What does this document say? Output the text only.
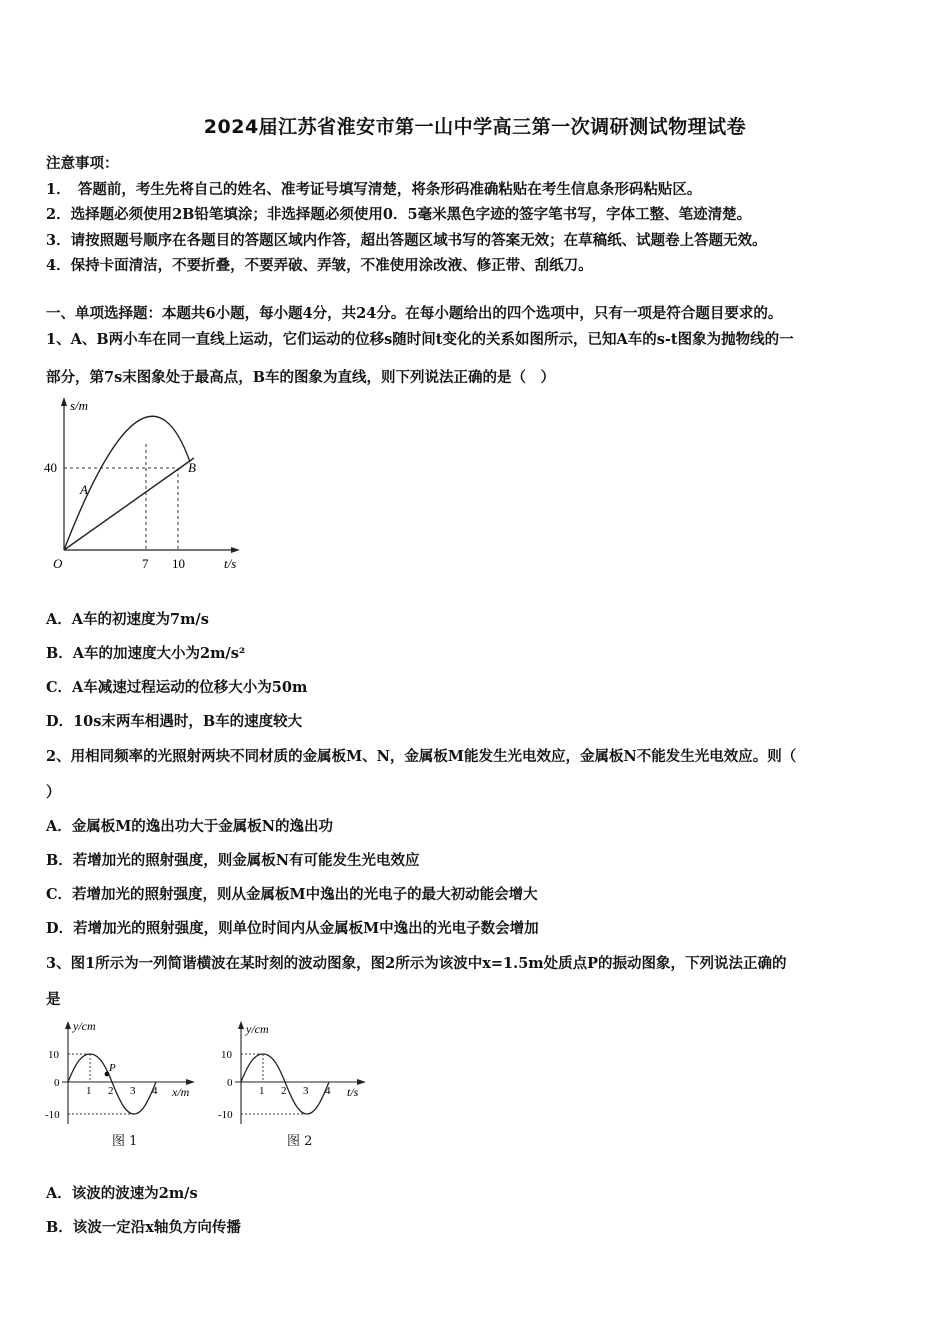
2024届江苏省淮安市第一山中学高三第一次调研测试物理试卷
注意事项：
1．　答题前，考生先将自己的姓名、准考证号填写清楚，将条形码准确粘贴在考生信息条形码粘贴区。
2．选择题必须使用2B铅笔填涂；非选择题必须使用0．5毫米黑色字迹的签字笔书写，字体工整、笔迹清楚。
3．请按照题号顺序在各题目的答题区域内作答，超出答题区域书写的答案无效；在草稿纸、试题卷上答题无效。
4．保持卡面清洁，不要折叠，不要弄破、弄皱，不准使用涂改液、修正带、刮纸刀。
一、单项选择题：本题共6小题，每小题4分，共24分。在每小题给出的四个选项中，只有一项是符合题目要求的。
1、A、B两小车在同一直线上运动，它们运动的位移s随时间t变化的关系如图所示，已知A车的s-t图象为抛物线的一
部分，第7s末图象处于最高点，B车的图象为直线，则下列说法正确的是（　）
s/m
t/s
O
40
7 10
A
B
A．A车的初速度为7m/s
B．A车的加速度大小为2m/s²
C．A车减速过程运动的位移大小为50m
D．10s末两车相遇时，B车的速度较大
2、用相同频率的光照射两块不同材质的金属板M、N，金属板M能发生光电效应，金属板N不能发生光电效应。则（
）
A．金属板M的逸出功大于金属板N的逸出功
B．若增加光的照射强度，则金属板N有可能发生光电效应
C．若增加光的照射强度，则从金属板M中逸出的光电子的最大初动能会增大
D．若增加光的照射强度，则单位时间内从金属板M中逸出的光电子数会增加
3、图1所示为一列简谐横波在某时刻的波动图象，图2所示为该波中x=1.5m处质点P的振动图象，下列说法正确的
是
y/cm
x/m
10
0
-10
1 2 3 4
P
图 1
y/cm
t/s
10
0
-10
1 2 3 4
图 2
A．该波的波速为2m/s
B．该波一定沿x轴负方向传播
